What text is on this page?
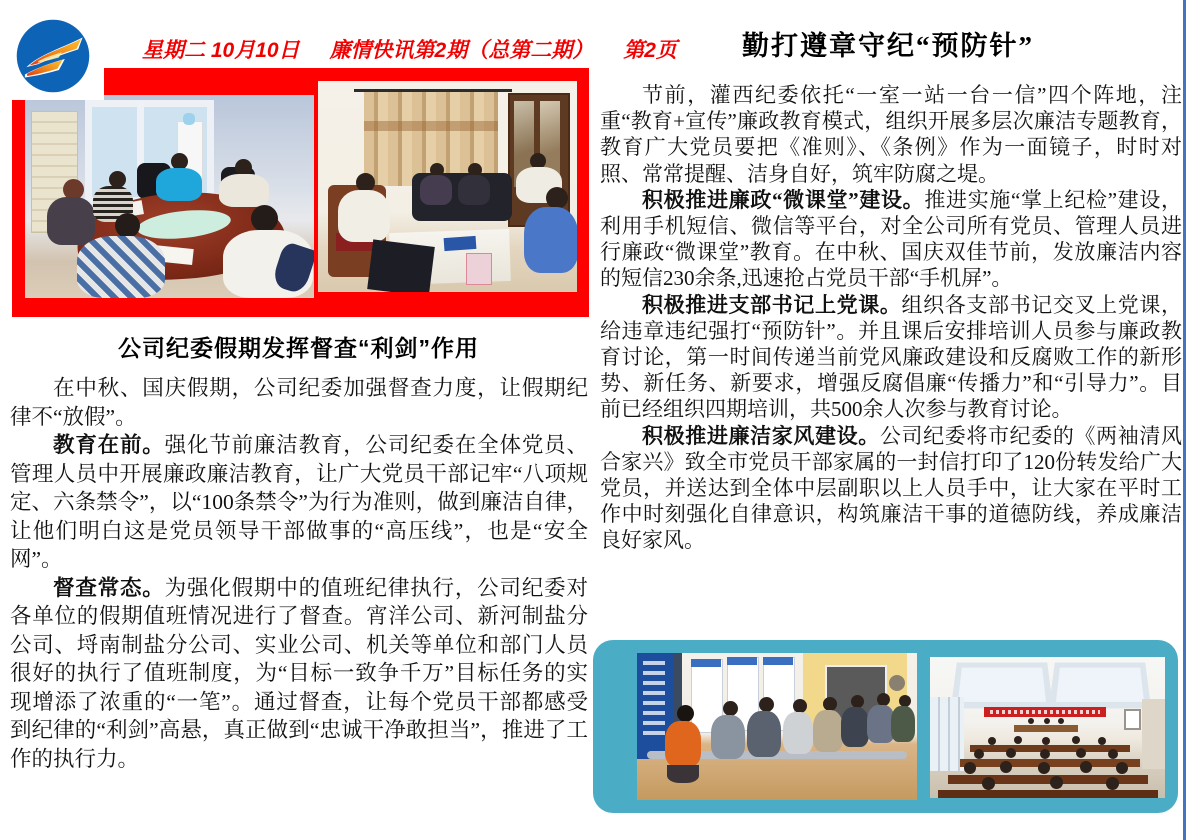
星期二 10月10日 廉情快讯第2期（总第二期） 第2页 勤打遵章守纪“预防针”
公司纪委假期发挥督查“利剑”作用

在中秋、国庆假期，公司纪委加强督查力度，让假期纪律不“放假”。

教育在前。强化节前廉洁教育，公司纪委在全体党员、管理人员中开展廉政廉洁教育，让广大党员干部记牢“八项规定、六条禁令”，以“100条禁令”为行为准则，做到廉洁自律，让他们明白这是党员领导干部做事的“高压线”，也是“安全网”。

督查常态。为强化假期中的值班纪律执行，公司纪委对各单位的假期值班情况进行了督查。宵洋公司、新河制盐分公司、埒南制盐分公司、实业公司、机关等单位和部门人员很好的执行了值班制度，为“目标一致争千万”目标任务的实现增添了浓重的“一笔”。通过督查，让每个党员干部都感受到纪律的“利剑”高悬，真正做到“忠诚干净敢担当”，推进了工作的执行力。

节前，灌西纪委依托“一室一站一台一信”四个阵地，注重“教育+宣传”廉政教育模式，组织开展多层次廉洁专题教育，教育广大党员要把《准则》、《条例》作为一面镜子，时时对照、常常提醒、洁身自好，筑牢防腐之堤。

积极推进廉政“微课堂”建设。推进实施“掌上纪检”建设，利用手机短信、微信等平台，对全公司所有党员、管理人员进行廉政“微课堂”教育。在中秋、国庆双佳节前，发放廉洁内容的短信230余条,迅速抢占党员干部“手机屏”。

积极推进支部书记上党课。组织各支部书记交叉上党课，给违章违纪强打“预防针”。并且课后安排培训人员参与廉政教育讨论，第一时间传递当前党风廉政建设和反腐败工作的新形势、新任务、新要求，增强反腐倡廉“传播力”和“引导力”。目前已经组织四期培训，共500余人次参与教育讨论。

积极推进廉洁家风建设。公司纪委将市纪委的《两袖清风合家兴》致全市党员干部家属的一封信打印了120份转发给广大党员，并送达到全体中层副职以上人员手中，让大家在平时工作中时刻强化自律意识，构筑廉洁干事的道德防线，养成廉洁良好家风。
